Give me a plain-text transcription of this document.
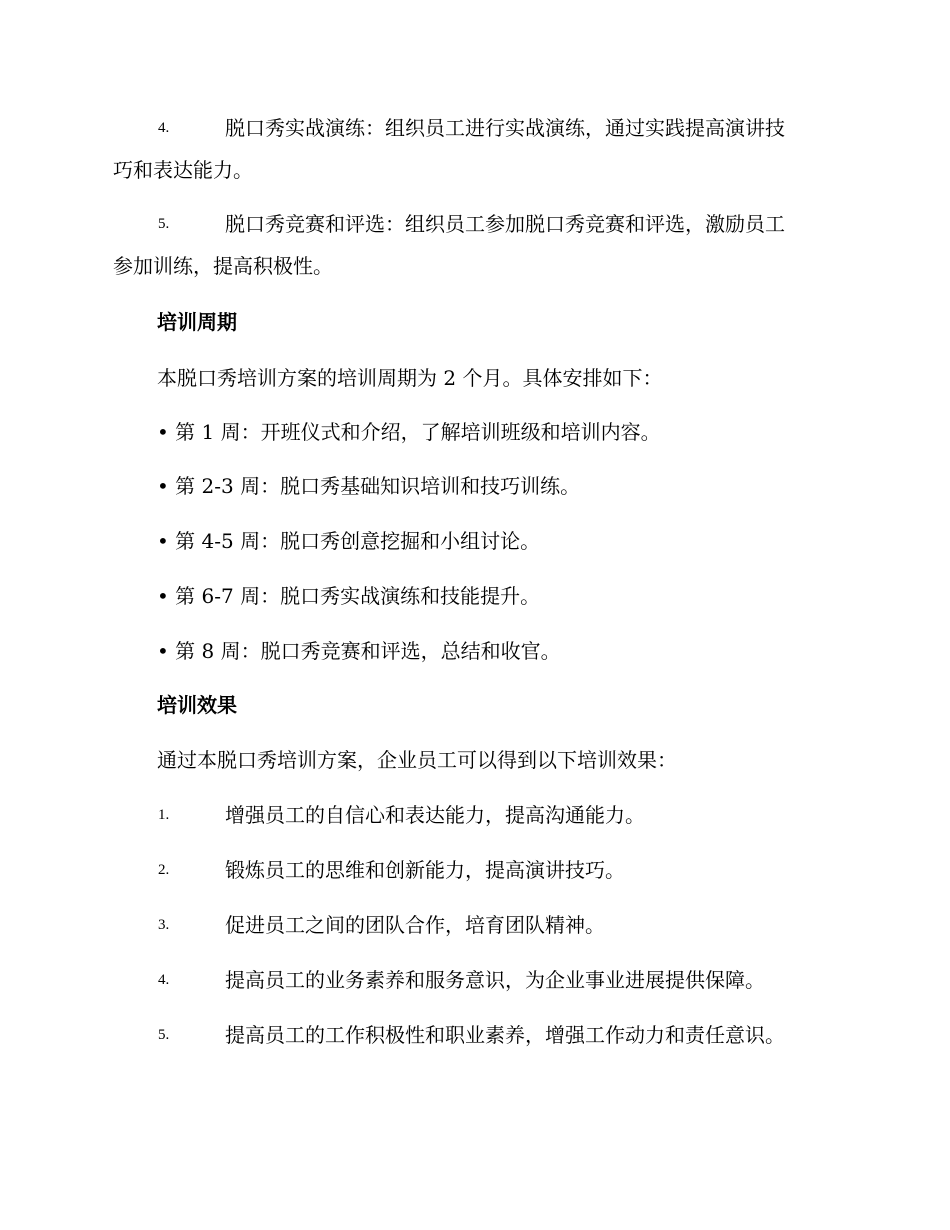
4.	脱口秀实战演练：组织员工进行实战演练，通过实践提高演讲技
巧和表达能力。
5.	脱口秀竞赛和评选：组织员工参加脱口秀竞赛和评选，激励员工
参加训练，提高积极性。
培训周期
本脱口秀培训方案的培训周期为 2 个月。具体安排如下：
• 第 1 周：开班仪式和介绍，了解培训班级和培训内容。
• 第 2-3 周：脱口秀基础知识培训和技巧训练。
• 第 4-5 周：脱口秀创意挖掘和小组讨论。
• 第 6-7 周：脱口秀实战演练和技能提升。
• 第 8 周：脱口秀竞赛和评选，总结和收官。
培训效果
通过本脱口秀培训方案，企业员工可以得到以下培训效果：
1.	增强员工的自信心和表达能力，提高沟通能力。
2.	锻炼员工的思维和创新能力，提高演讲技巧。
3.	促进员工之间的团队合作，培育团队精神。
4.	提高员工的业务素养和服务意识，为企业事业进展提供保障。
5.	提高员工的工作积极性和职业素养，增强工作动力和责任意识。
